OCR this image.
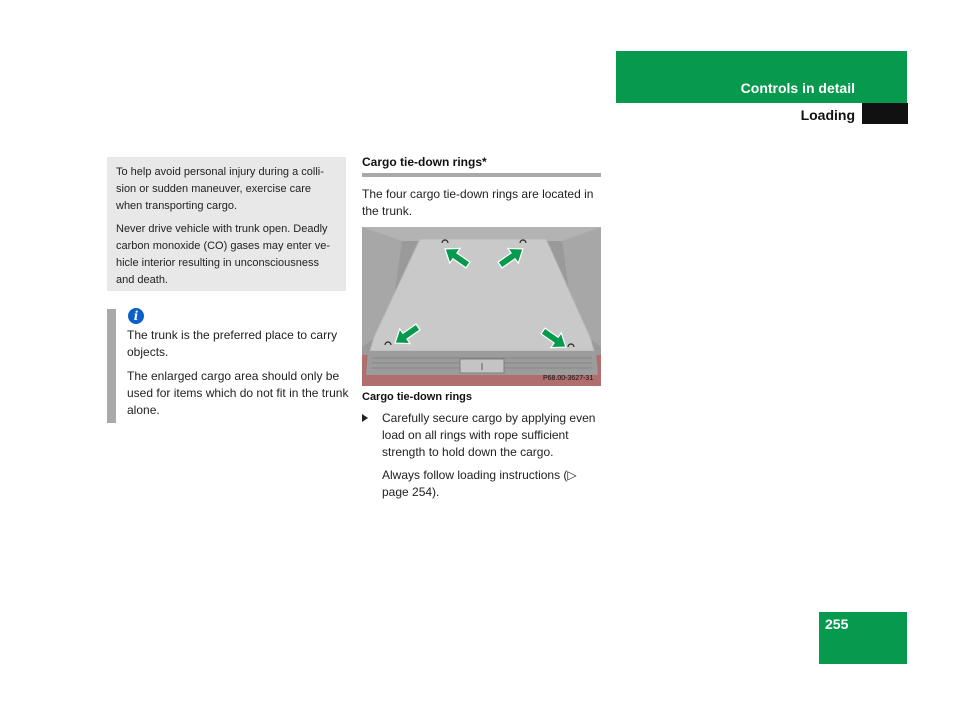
Controls in detail
Loading

To help avoid personal injury during a colli-sion or sudden maneuver, exercise care when transporting cargo.

Never drive vehicle with trunk open. Deadly carbon monoxide (CO) gases may enter ve-hicle interior resulting in unconsciousness and death.

i

The trunk is the preferred place to carry objects.

The enlarged cargo area should only be used for items which do not fit in the trunk alone.

Cargo tie-down rings*
The four cargo tie-down rings are located in the trunk.
P68.00-3627-31
Cargo tie-down rings

Carefully secure cargo by applying even load on all rings with rope sufficient strength to hold down the cargo.

Always follow loading instructions (▷ page 254).

255
